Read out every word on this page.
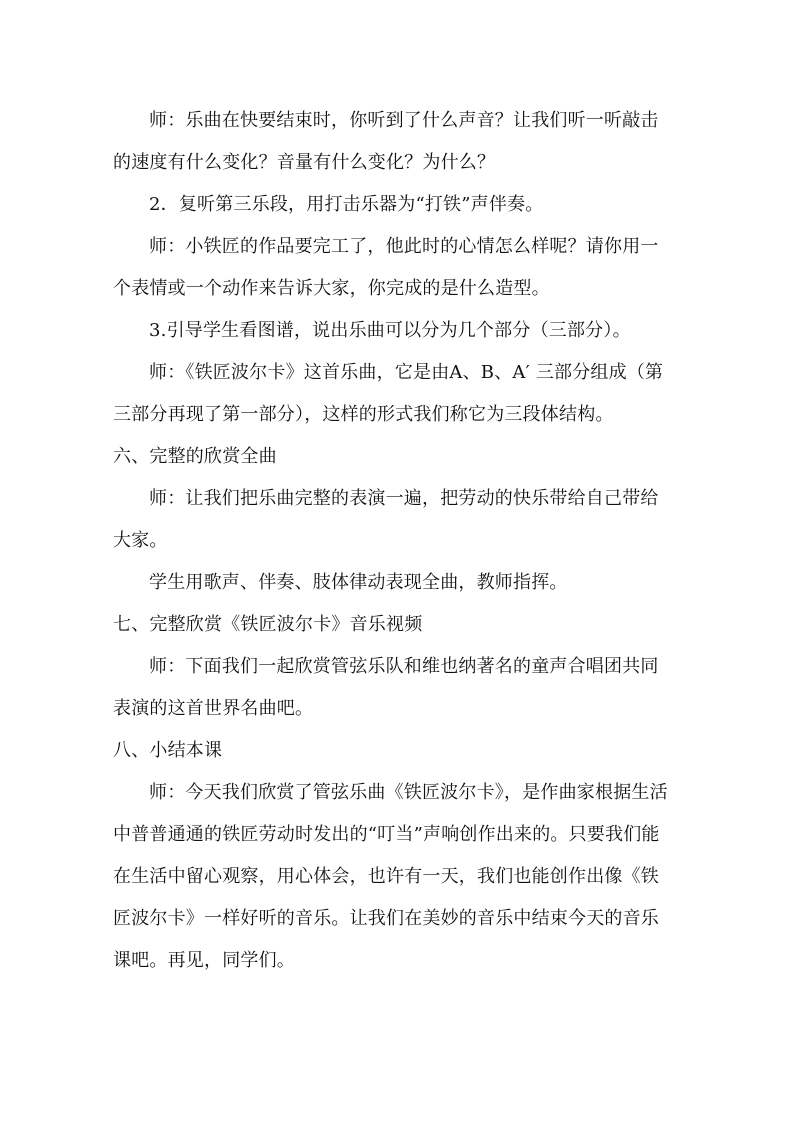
师：乐曲在快要结束时，你听到了什么声音？让我们听一听敲击的速度有什么变化？音量有什么变化？为什么？

2．复听第三乐段，用打击乐器为“打铁”声伴奏。

师：小铁匠的作品要完工了，他此时的心情怎么样呢？请你用一个表情或一个动作来告诉大家，你完成的是什么造型。

3.引导学生看图谱，说出乐曲可以分为几个部分（三部分）。

师：《铁匠波尔卡》这首乐曲，它是由A、B、A′ 三部分组成（第三部分再现了第一部分），这样的形式我们称它为三段体结构。

六、完整的欣赏全曲

师：让我们把乐曲完整的表演一遍，把劳动的快乐带给自己带给大家。

学生用歌声、伴奏、肢体律动表现全曲，教师指挥。

七、完整欣赏《铁匠波尔卡》音乐视频

师：下面我们一起欣赏管弦乐队和维也纳著名的童声合唱团共同表演的这首世界名曲吧。

八、小结本课

师：今天我们欣赏了管弦乐曲《铁匠波尔卡》，是作曲家根据生活中普普通通的铁匠劳动时发出的“叮当”声响创作出来的。只要我们能在生活中留心观察，用心体会，也许有一天，我们也能创作出像《铁匠波尔卡》一样好听的音乐。让我们在美妙的音乐中结束今天的音乐课吧。再见，同学们。
